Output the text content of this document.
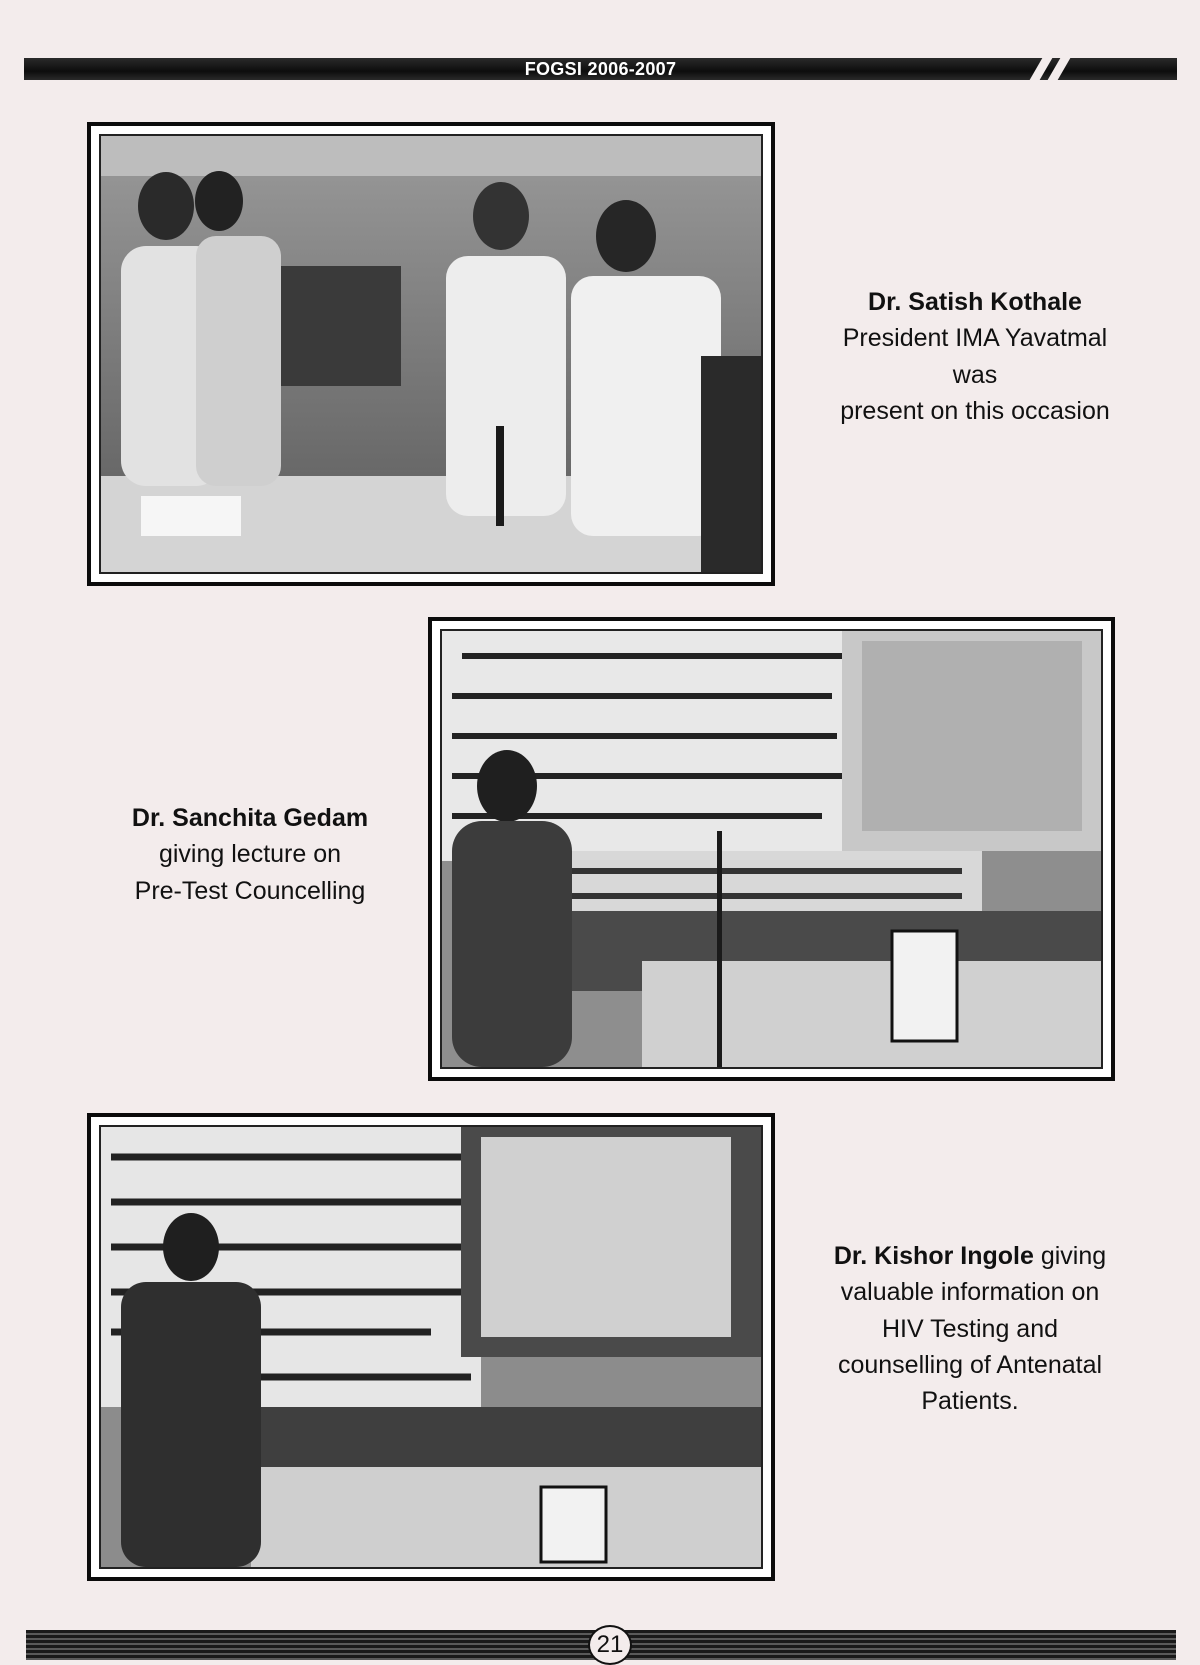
FOGSI 2006-2007
Dr. Satish Kothale
President IMA Yavatmal
was
present on this occasion
Dr. Sanchita Gedam
giving lecture on
Pre-Test Councelling
Dr. Kishor Ingole giving
valuable information on
HIV Testing and
counselling of Antenatal
Patients.
21
